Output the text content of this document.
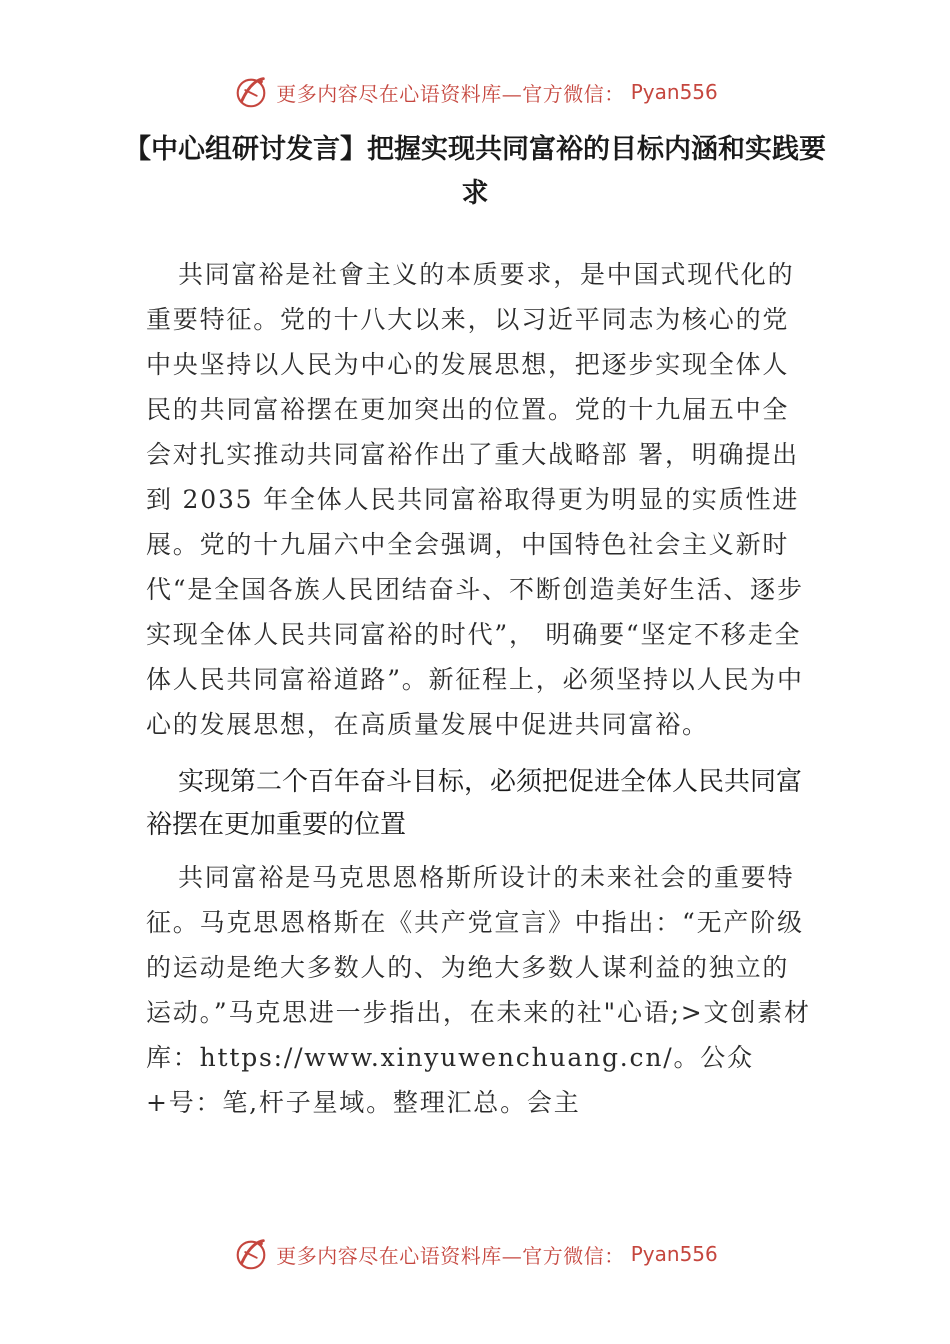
更多内容尽在心语资料库—官方微信： Pyan556
【中心组研讨发言】把握实现共同富裕的目标内涵和实践要求

共同富裕是社會主义的本质要求，是中国式现代化的重要特征。党的十八大以来，以习近平同志为核心的党中央坚持以人民为中心的发展思想，把逐步实现全体人民的共同富裕摆在更加突出的位置。党的十九届五中全会对扎实推动共同富裕作出了重大战略部 署，明确提出到 2035 年全体人民共同富裕取得更为明显的实质性进展。党的十九届六中全会强调，中国特色社会主义新时代“是全国各族人民团结奋斗、不断创造美好生活、逐步实现全体人民共同富裕的时代”， 明确要“坚定不移走全体人民共同富裕道路”。新征程上，必须坚持以人民为中心的发展思想，在高质量发展中促进共同富裕。

实现第二个百年奋斗目标，必须把促进全体人民共同富裕摆在更加重要的位置

共同富裕是马克思恩格斯所设计的未来社会的重要特征。马克思恩格斯在《共产党宣言》中指出：“无产阶级的运动是绝大多数人的、为绝大多数人谋利益的独立的运动。”马克思进一步指出，在未来的社"心语;>文创素材库：https://www.xinyuwenchuang.cn/。公众+号：笔,杆子星域。整理汇总。会主

更多内容尽在心语资料库—官方微信： Pyan556
